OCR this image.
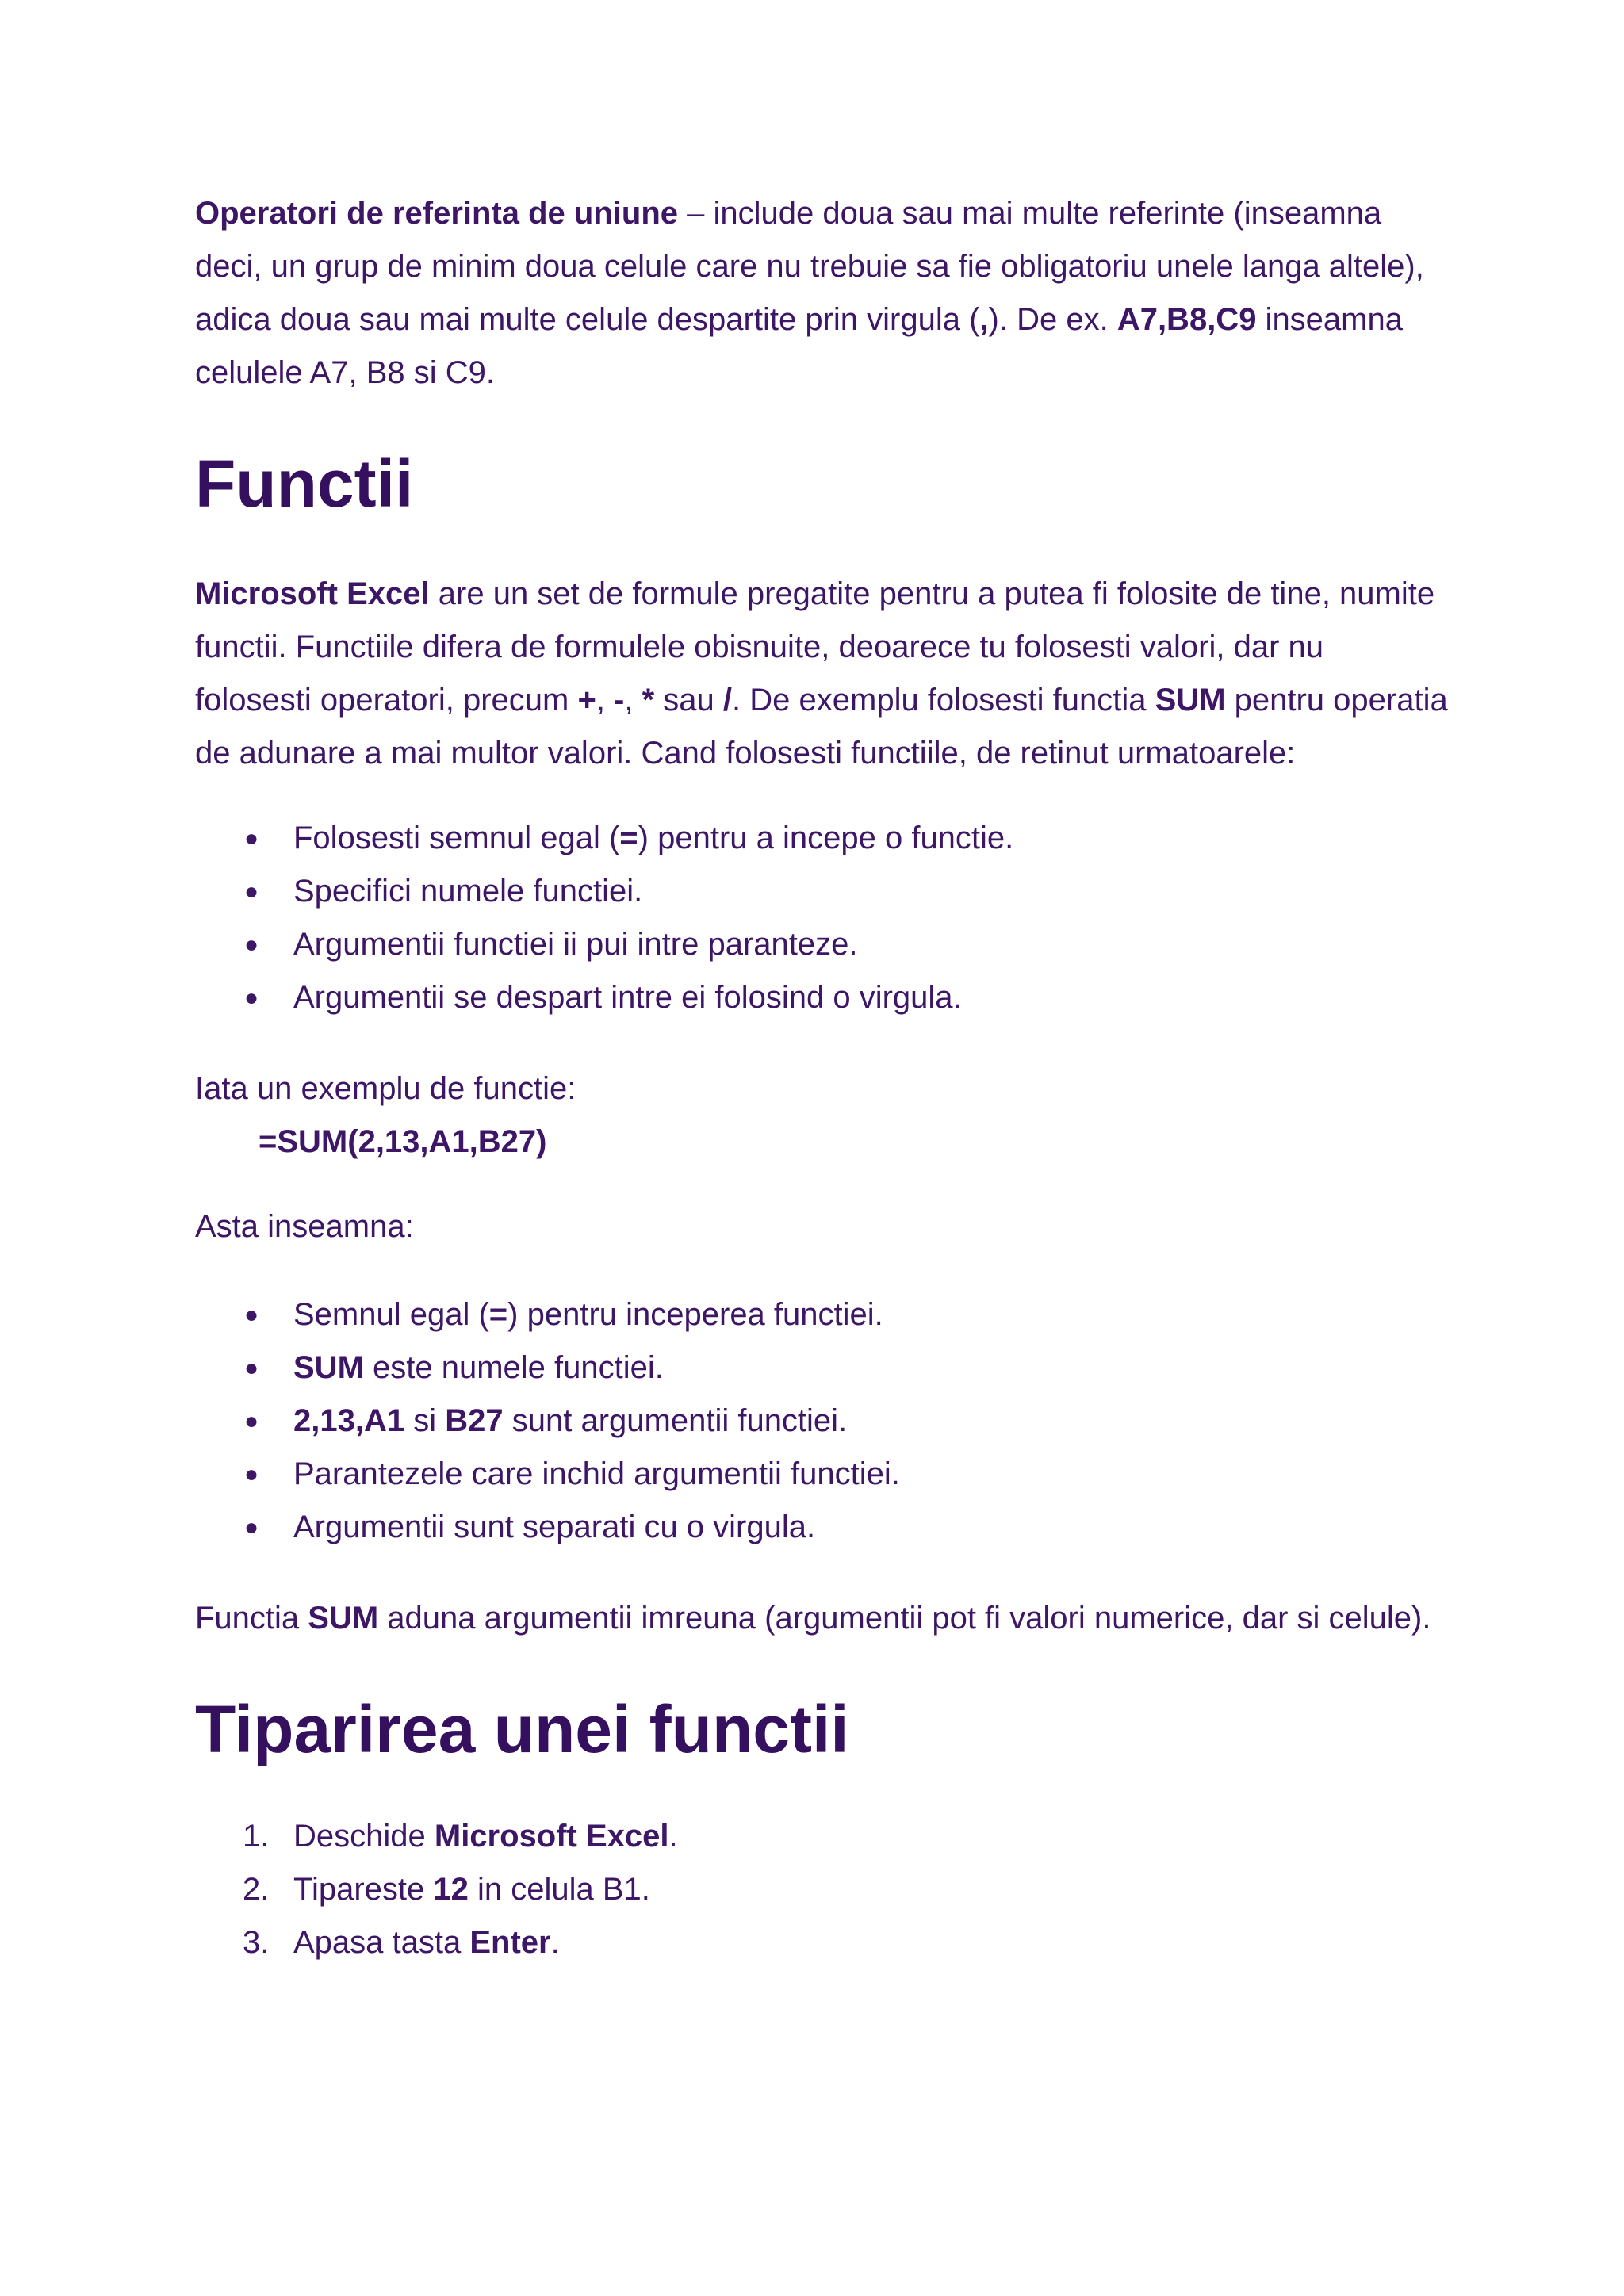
Operatori de referinta de uniune – include doua sau mai multe referinte (inseamna deci, un grup de minim doua celule care nu trebuie sa fie obligatoriu unele langa altele), adica doua sau mai multe celule despartite prin virgula (,). De ex. A7,B8,C9 inseamna celulele A7, B8 si C9.

Functii

Microsoft Excel are un set de formule pregatite pentru a putea fi folosite de tine, numite functii. Functiile difera de formulele obisnuite, deoarece tu folosesti valori, dar nu folosesti operatori, precum +, -, * sau /. De exemplu folosesti functia SUM pentru operatia de adunare a mai multor valori. Cand folosesti functiile, de retinut urmatoarele:

● Folosesti semnul egal (=) pentru a incepe o functie.
● Specifici numele functiei.
● Argumentii functiei ii pui intre paranteze.
● Argumentii se despart intre ei folosind o virgula.

Iata un exemplu de functie:

=SUM(2,13,A1,B27)

Asta inseamna:

● Semnul egal (=) pentru inceperea functiei.
● SUM este numele functiei.
● 2,13,A1 si B27 sunt argumentii functiei.
● Parantezele care inchid argumentii functiei.
● Argumentii sunt separati cu o virgula.

Functia SUM aduna argumentii imreuna (argumentii pot fi valori numerice, dar si celule).

Tiparirea unei functii
1. Deschide Microsoft Excel.
2. Tipareste 12 in celula B1.
3. Apasa tasta Enter.
